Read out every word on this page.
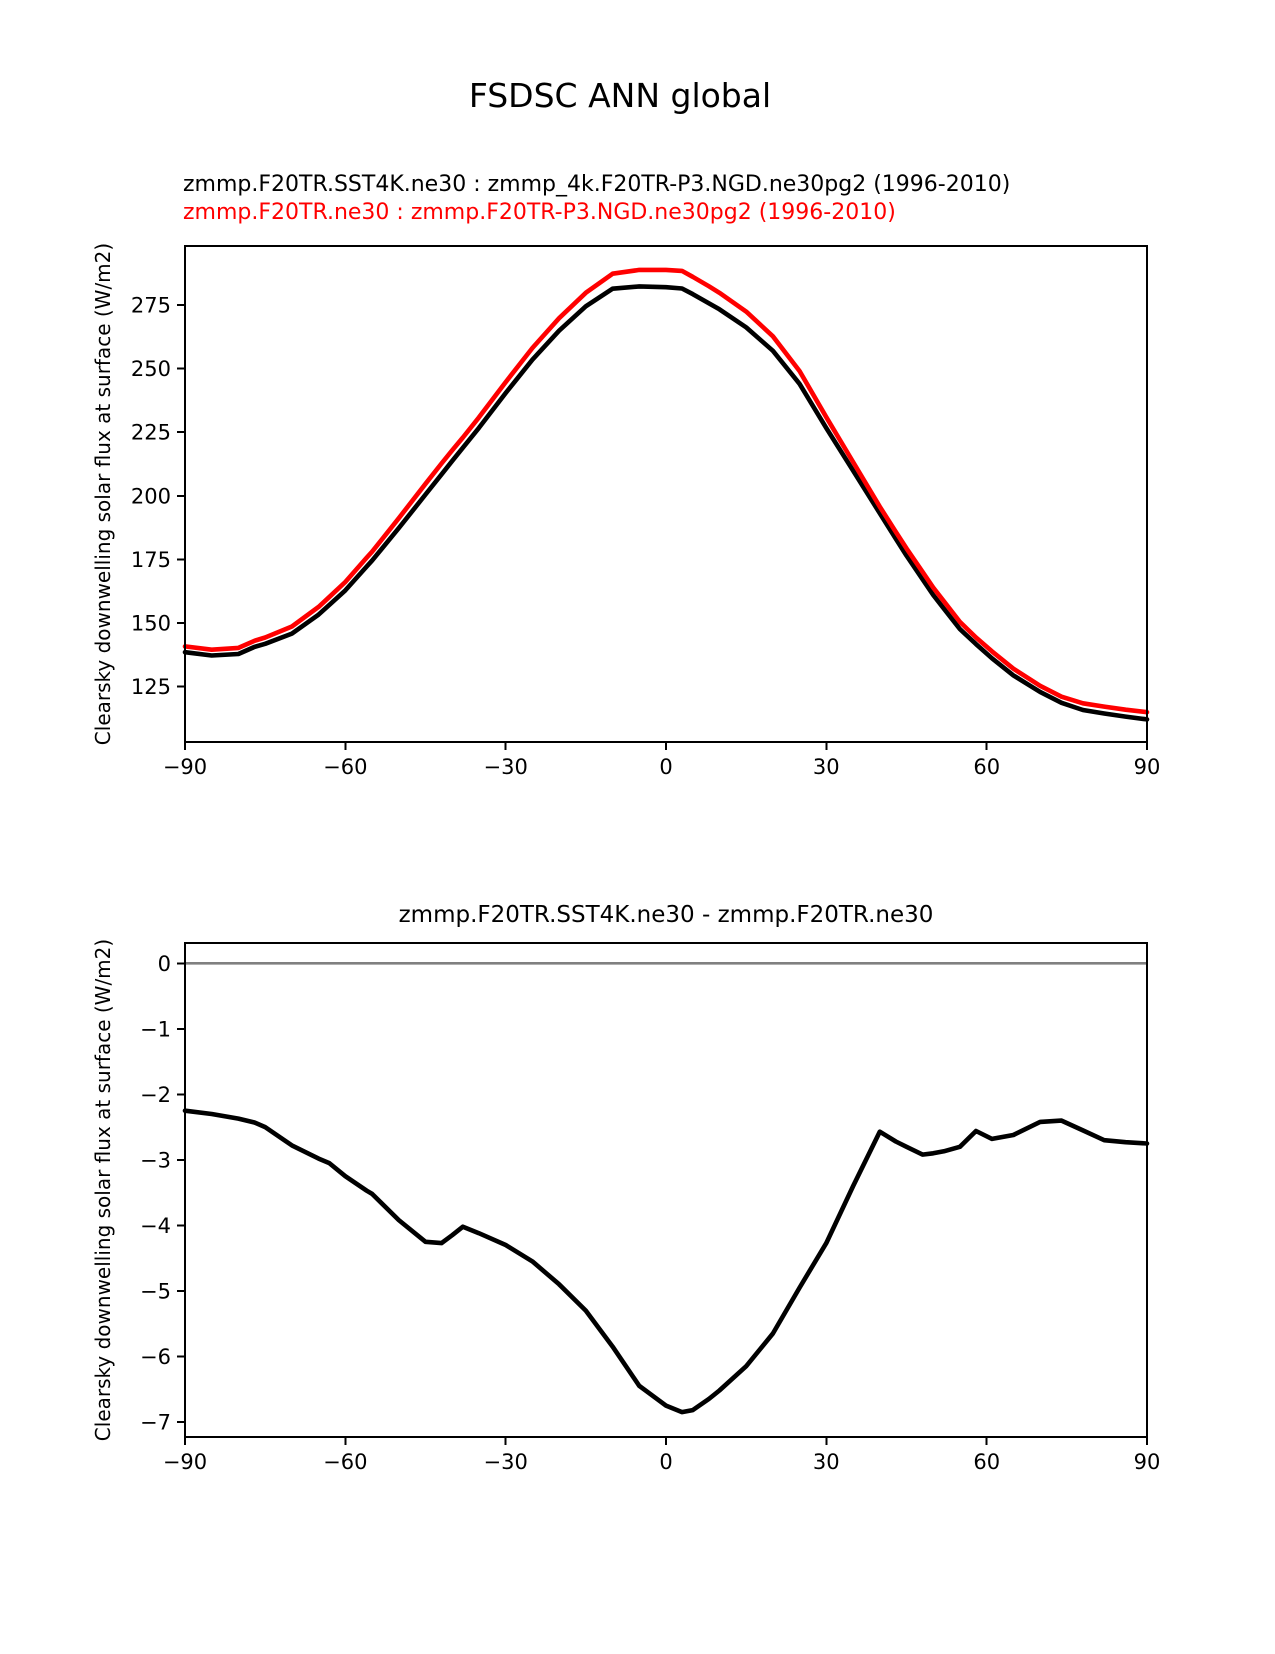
FSDSC ANN global
zmmp.F20TR.SST4K.ne30 : zmmp_4k.F20TR-P3.NGD.ne30pg2 (1996-2010)
zmmp.F20TR.ne30 : zmmp.F20TR-P3.NGD.ne30pg2 (1996-2010)
Clearsky downwelling solar flux at surface (W/m2)
zmmp.F20TR.SST4K.ne30 - zmmp.F20TR.ne30
Clearsky downwelling solar flux at surface (W/m2)
−90	−60	−30	0	30	60	90
125
150
175
200
225
250
275
−90	−60	−30	0	30	60	90
0
−1
−2
−3
−4
−5
−6
−7
